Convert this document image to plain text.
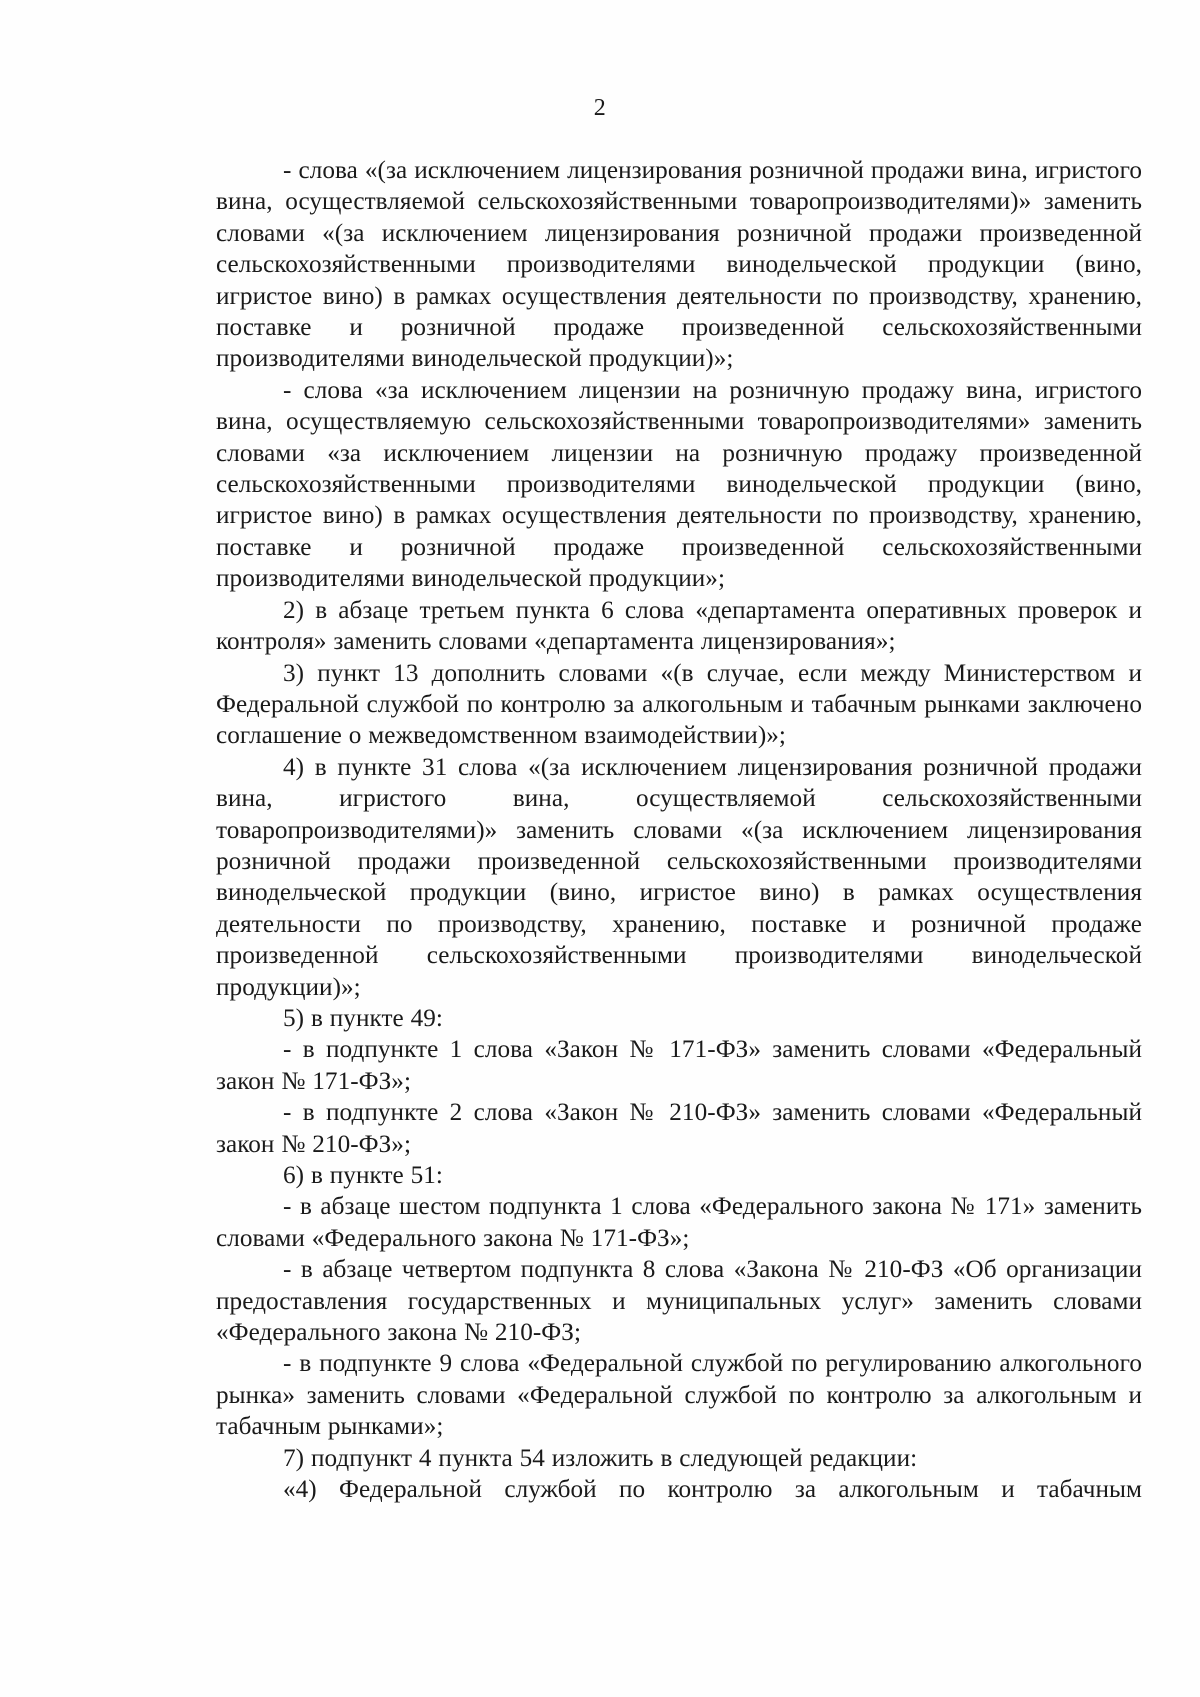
2

- слова «(за исключением лицензирования розничной продажи вина, игристого вина, осуществляемой сельскохозяйственными товаропроизводителями)» заменить словами «(за исключением лицензирования розничной продажи произведенной сельскохозяйственными производителями винодельческой продукции (вино, игристое вино) в рамках осуществления деятельности по производству, хранению, поставке и розничной продаже произведенной сельскохозяйственными производителями винодельческой продукции)»;

- слова «за исключением лицензии на розничную продажу вина, игристого вина, осуществляемую сельскохозяйственными товаропроизводителями» заменить словами «за исключением лицензии на розничную продажу произведенной сельскохозяйственными производителями винодельческой продукции (вино, игристое вино) в рамках осуществления деятельности по производству, хранению, поставке и розничной продаже произведенной сельскохозяйственными производителями винодельческой продукции»;

2) в абзаце третьем пункта 6 слова «департамента оперативных проверок и контроля» заменить словами «департамента лицензирования»;

3) пункт 13 дополнить словами «(в случае, если между Министерством и Федеральной службой по контролю за алкогольным и табачным рынками заключено соглашение о межведомственном взаимодействии)»;

4) в пункте 31 слова «(за исключением лицензирования розничной продажи вина, игристого вина, осуществляемой сельскохозяйственными товаропроизводителями)» заменить словами «(за исключением лицензирования розничной продажи произведенной сельскохозяйственными производителями винодельческой продукции (вино, игристое вино) в рамках осуществления деятельности по производству, хранению, поставке и розничной продаже произведенной сельскохозяйственными производителями винодельческой продукции)»;

5) в пункте 49:

- в подпункте 1 слова «Закон № 171-ФЗ» заменить словами «Федеральный закон № 171-ФЗ»;

- в подпункте 2 слова «Закон № 210-ФЗ» заменить словами «Федеральный закон № 210-ФЗ»;

6) в пункте 51:

- в абзаце шестом подпункта 1 слова «Федерального закона № 171» заменить словами «Федерального закона № 171-ФЗ»;

- в абзаце четвертом подпункта 8 слова «Закона № 210-ФЗ «Об организации предоставления государственных и муниципальных услуг» заменить словами «Федерального закона № 210-ФЗ;

- в подпункте 9 слова «Федеральной службой по регулированию алкогольного рынка» заменить словами «Федеральной службой по контролю за алкогольным и табачным рынками»;

7) подпункт 4 пункта 54 изложить в следующей редакции:

«4) Федеральной службой по контролю за алкогольным и табачным
